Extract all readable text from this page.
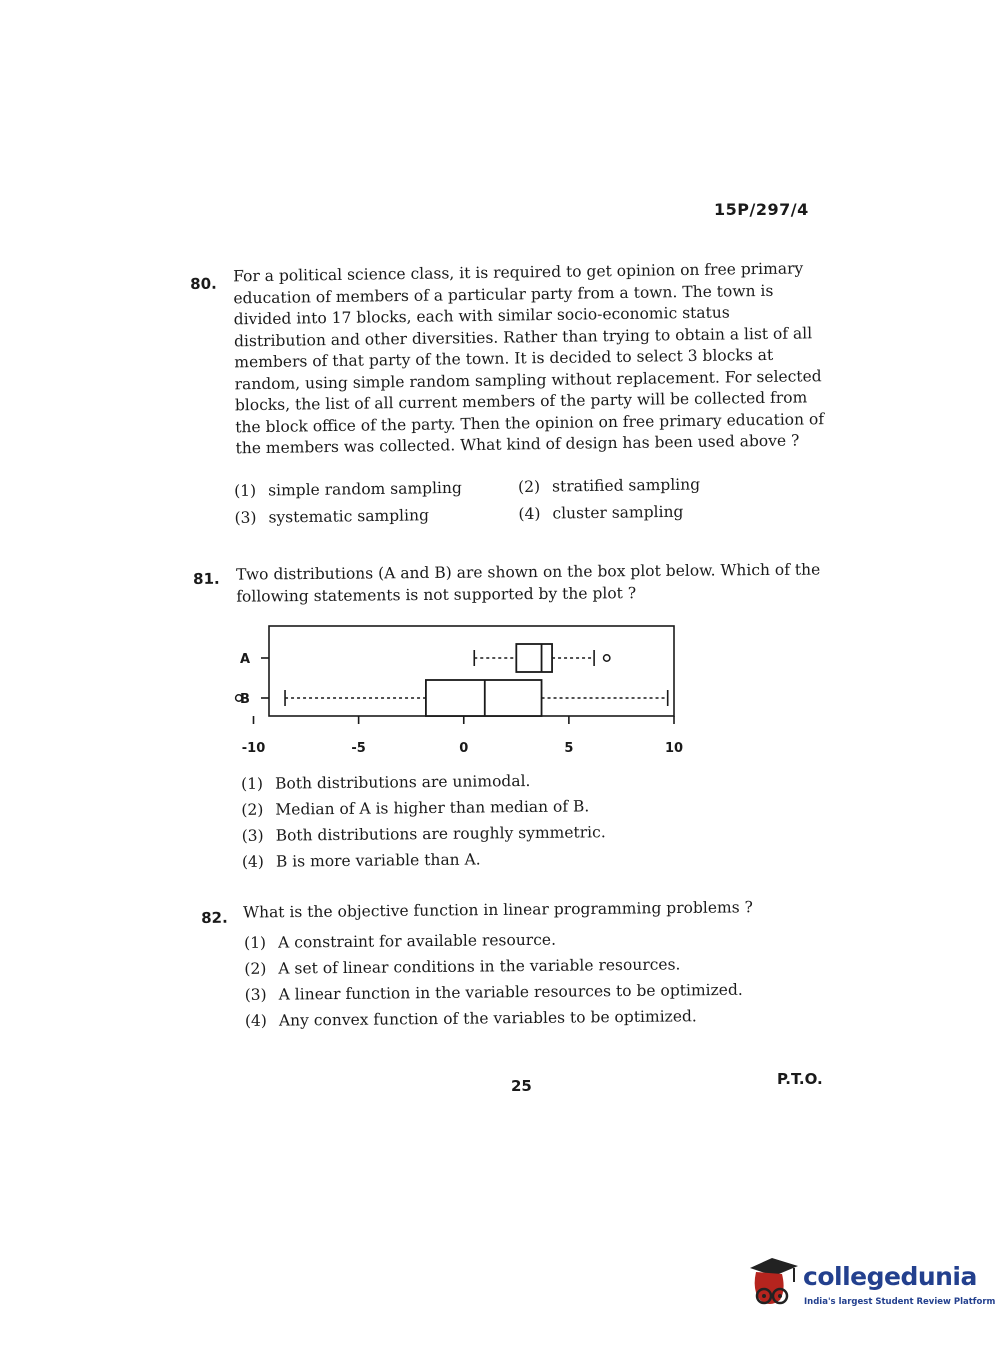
15P/297/4
80. For a political science class, it is required to get opinion on free primary education of members of a particular party from a town. The town is divided into 17 blocks, each with similar socio-economic status distribution and other diversities. Rather than trying to obtain a list of all members of that party of the town. It is decided to select 3 blocks at random, using simple random sampling without replacement. For selected blocks, the list of all current members of the party will be collected from the block office of the party. Then the opinion on free primary education of the members was collected. What kind of design has been used above ?
(1) simple random sampling	(2) stratified sampling
(3) systematic sampling	(4) cluster sampling
81. Two distributions (A and B) are shown on the box plot below. Which of the following statements is not supported by the plot ?
-10	-5	0	5	10
A
B
(1) Both distributions are unimodal.
(2) Median of A is higher than median of B.
(3) Both distributions are roughly symmetric.
(4) B is more variable than A.
82. What is the objective function in linear programming problems ?
(1) A constraint for available resource.
(2) A set of linear conditions in the variable resources.
(3) A linear function in the variable resources to be optimized.
(4) Any convex function of the variables to be optimized.
25	P.T.O.
collegedunia
India's largest Student Review Platform
